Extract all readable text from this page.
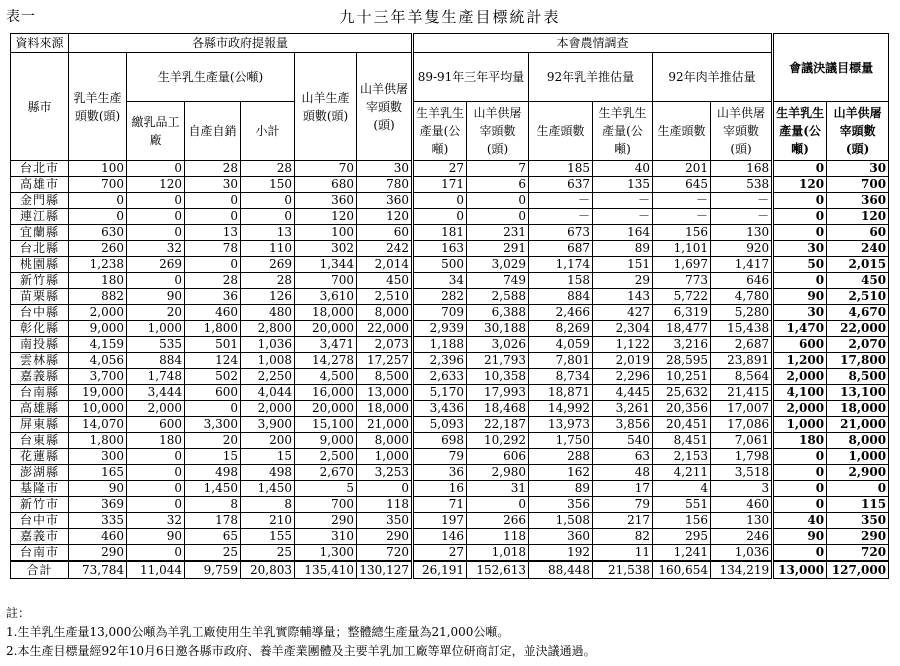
表一	九十三年羊隻生產目標統計表
資料來源	各縣市政府提報量						本會農情調查						會議決議目標量	
縣市	乳羊生產頭數(頭)	生羊乳生產量(公噸)			山羊生產頭數(頭)	山羊供屠宰頭數(頭)	89-91年三年平均量		92年乳羊推估量		92年肉羊推估量			
		繳乳品工廠	自產自銷	小計			生羊乳生產量(公噸)	山羊供屠宰頭數(頭)	生產頭數	生羊乳生產量(公噸)	生產頭數	山羊供屠宰頭數(頭)	生羊乳生產量(公噸)	山羊供屠宰頭數(頭)
台北市	100	0	28	28	70	30	27	7	185	40	201	168	0	30
高雄市	700	120	30	150	680	780	171	6	637	135	645	538	120	700
金門縣	0	0	0	0	360	360	0	0	－	－	－	－	0	360
連江縣	0	0	0	0	120	120	0	0	－	－	－	－	0	120
宜蘭縣	630	0	13	13	100	60	181	231	673	164	156	130	0	60
台北縣	260	32	78	110	302	242	163	291	687	89	1,101	920	30	240
桃園縣	1,238	269	0	269	1,344	2,014	500	3,029	1,174	151	1,697	1,417	50	2,015
新竹縣	180	0	28	28	700	450	34	749	158	29	773	646	0	450
苗栗縣	882	90	36	126	3,610	2,510	282	2,588	884	143	5,722	4,780	90	2,510
台中縣	2,000	20	460	480	18,000	8,000	709	6,388	2,466	427	6,319	5,280	30	4,670
彰化縣	9,000	1,000	1,800	2,800	20,000	22,000	2,939	30,188	8,269	2,304	18,477	15,438	1,470	22,000
南投縣	4,159	535	501	1,036	3,471	2,073	1,188	3,026	4,059	1,122	3,216	2,687	600	2,070
雲林縣	4,056	884	124	1,008	14,278	17,257	2,396	21,793	7,801	2,019	28,595	23,891	1,200	17,800
嘉義縣	3,700	1,748	502	2,250	4,500	8,500	2,633	10,358	8,734	2,296	10,251	8,564	2,000	8,500
台南縣	19,000	3,444	600	4,044	16,000	13,000	5,170	17,993	18,871	4,445	25,632	21,415	4,100	13,100
高雄縣	10,000	2,000	0	2,000	20,000	18,000	3,436	18,468	14,992	3,261	20,356	17,007	2,000	18,000
屏東縣	14,070	600	3,300	3,900	15,100	21,000	5,093	22,187	13,973	3,856	20,451	17,086	1,000	21,000
台東縣	1,800	180	20	200	9,000	8,000	698	10,292	1,750	540	8,451	7,061	180	8,000
花蓮縣	300	0	15	15	2,500	1,000	79	606	288	63	2,153	1,798	0	1,000
澎湖縣	165	0	498	498	2,670	3,253	36	2,980	162	48	4,211	3,518	0	2,900
基隆市	90	0	1,450	1,450	5	0	16	31	89	17	4	3	0	0
新竹市	369	0	8	8	700	118	71	0	356	79	551	460	0	115
台中市	335	32	178	210	290	350	197	266	1,508	217	156	130	40	350
嘉義市	460	90	65	155	310	290	146	118	360	82	295	246	90	290
台南市	290	0	25	25	1,300	720	27	1,018	192	11	1,241	1,036	0	720
合計	73,784	11,044	9,759	20,803	135,410	130,127	26,191	152,613	88,448	21,538	160,654	134,219	13,000	127,000
註：
1.生羊乳生產量13,000公噸為羊乳工廠使用生羊乳實際輔導量；整體總生產量為21,000公噸。
2.本生產目標量經92年10月6日邀各縣市政府、養羊產業團體及主要羊乳加工廠等單位研商訂定，並決議通過。
